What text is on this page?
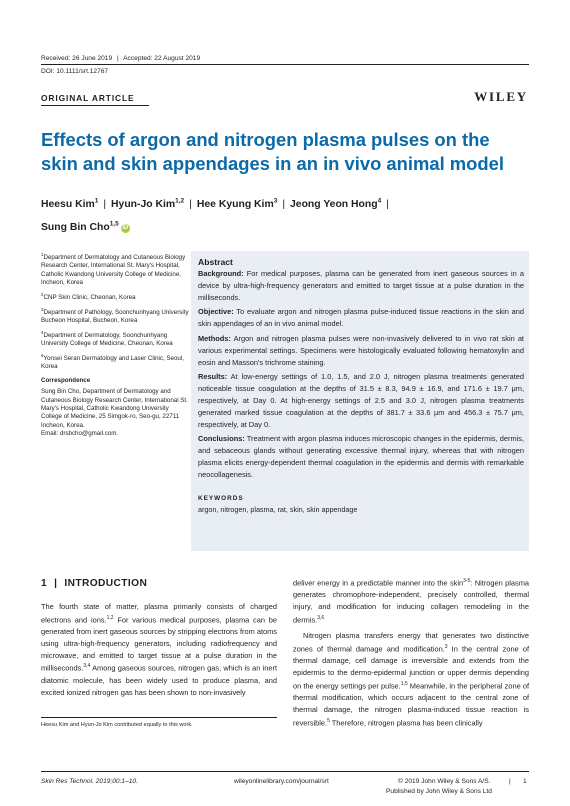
Received: 26 June 2019 | Accepted: 22 August 2019
DOI: 10.1111/srt.12767
ORIGINAL ARTICLE	WILEY
Effects of argon and nitrogen plasma pulses on the skin and skin appendages in an in vivo animal model
Heesu Kim$^1$ | Hyun-Jo Kim$^{1,2}$ | Hee Kyung Kim$^3$ | Jeong Yeon Hong$^4$ |
Sung Bin Cho$^{1,5}$iD

$^1$Department of Dermatology and Cutaneous Biology Research Center, International St. Mary's Hospital, Catholic Kwandong University College of Medicine, Incheon, Korea

$^2$CNP Skin Clinic, Cheonan, Korea

$^3$Department of Pathology, Soonchunhyang University Bucheon Hospital, Bucheon, Korea

$^4$Department of Dermatology, Soonchunhyang University College of Medicine, Cheonan, Korea

$^5$Yonsei Seran Dermatology and Laser Clinic, Seoul, Korea

Correspondence

Sung Bin Cho, Department of Dermatology and Cutaneous Biology Research Center, International St. Mary's Hospital, Catholic Kwandong University College of Medicine, 25 Simgok-ro, Seo-gu, 22711 Incheon, Korea.
Email: drsbcho@gmail.com.

Abstract

Background: For medical purposes, plasma can be generated from inert gaseous sources in a device by ultra-high-frequency generators and emitted to target tissue at a pulse duration in the milliseconds.

Objective: To evaluate argon and nitrogen plasma pulse-induced tissue reactions in the skin and skin appendages of an in vivo animal model.

Methods: Argon and nitrogen plasma pulses were non-invasively delivered to in vivo rat skin at various experimental settings. Specimens were histologically evaluated following hematoxylin and eosin and Masson's trichrome staining.

Results: At low-energy settings of 1.0, 1.5, and 2.0 J, nitrogen plasma treatments generated noticeable tissue coagulation at the depths of 31.5 ± 8.3, 94.9 ± 16.9, and 171.6 ± 19.7 μm, respectively, at Day 0. At high-energy settings of 2.5 and 3.0 J, nitrogen plasma treatments generated marked tissue coagulation at the depths of 381.7 ± 33.6 μm and 456.3 ± 75.7 μm, respectively, at Day 0.

Conclusions: Treatment with argon plasma induces microscopic changes in the epidermis, dermis, and sebaceous glands without generating excessive thermal injury, whereas that with nitrogen plasma elicits energy-dependent thermal coagulation in the epidermis and dermis with remarkable neocollagenesis.

KEYWORDS
argon, nitrogen, plasma, rat, skin, skin appendage
1 | INTRODUCTION

The fourth state of matter, plasma primarily consists of charged electrons and ions.$^{1,2}$ For various medical purposes, plasma can be generated from inert gaseous sources by stripping electrons from atoms using ultra-high-frequency generators, including radiofrequency and microwave, and emitted to target tissue at a pulse duration in the milliseconds.$^{3,4}$ Among gaseous sources, nitrogen gas, which is an inert diatomic molecule, has been widely used to produce plasma, and excited ionized nitrogen gas has been shown to non-invasively

Heesu Kim and Hyun-Jo Kim contributed equally to this work.

deliver energy in a predictable manner into the skin$^{3-5}$: Nitrogen plasma generates chromophore-independent, precisely controlled, thermal injury, and modification for inducing collagen remodeling in the dermis.$^{3,6}$

Nitrogen plasma transfers energy that generates two distinctive zones of thermal damage and modification.$^3$ In the central zone of thermal damage, cell damage is irreversible and extends from the epidermis to the dermo-epidermal junction or upper dermis depending on the energy settings per pulse.$^{1,5}$ Meanwhile, in the peripheral zone of thermal modification, which occurs adjacent to the central zone of thermal damage, the nitrogen plasma-induced tissue reaction is reversible.$^5$ Therefore, nitrogen plasma has been clinically

Skin Res Technol. 2019;00:1–10.	wileyonlinelibrary.com/journal/srt	© 2019 John Wiley & Sons A/S.	| 1
Published by John Wiley & Sons Ltd
